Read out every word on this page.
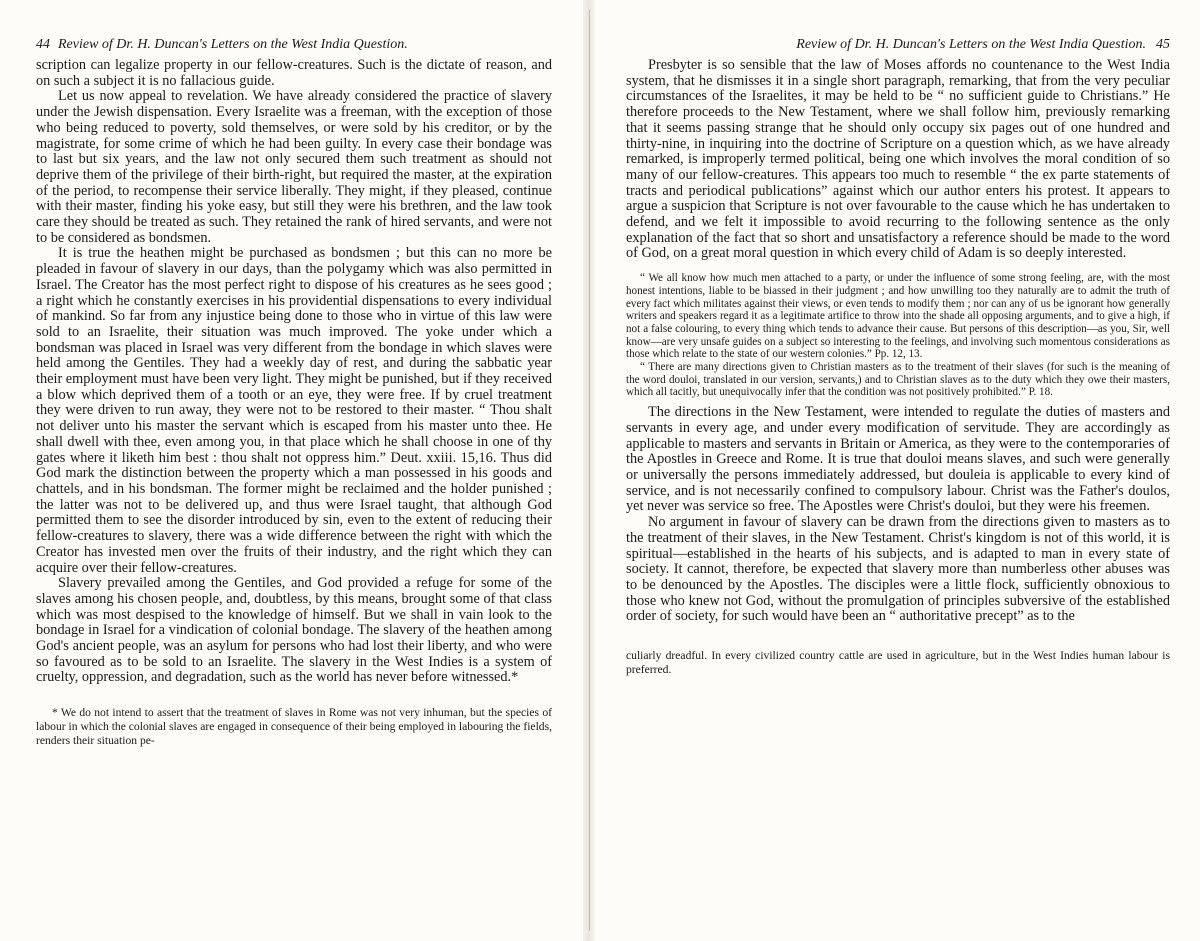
44 Review of Dr. H. Duncan's Letters on the West India Question.

scription can legalize property in our fellow-creatures. Such is the dictate of reason, and on such a subject it is no fallacious guide.

Let us now appeal to revelation. We have already considered the practice of slavery under the Jewish dispensation. Every Israelite was a freeman, with the exception of those who being reduced to poverty, sold themselves, or were sold by his creditor, or by the magistrate, for some crime of which he had been guilty. In every case their bondage was to last but six years, and the law not only secured them such treatment as should not deprive them of the privilege of their birth-right, but required the master, at the expiration of the period, to recompense their service liberally. They might, if they pleased, continue with their master, finding his yoke easy, but still they were his brethren, and the law took care they should be treated as such. They retained the rank of hired servants, and were not to be considered as bondsmen.

It is true the heathen might be purchased as bondsmen ; but this can no more be pleaded in favour of slavery in our days, than the polygamy which was also permitted in Israel. The Creator has the most perfect right to dispose of his creatures as he sees good ; a right which he constantly exercises in his providential dispensations to every individual of mankind. So far from any injustice being done to those who in virtue of this law were sold to an Israelite, their situation was much improved. The yoke under which a bondsman was placed in Israel was very different from the bondage in which slaves were held among the Gentiles. They had a weekly day of rest, and during the sabbatic year their employment must have been very light. They might be punished, but if they received a blow which deprived them of a tooth or an eye, they were free. If by cruel treatment they were driven to run away, they were not to be restored to their master. “ Thou shalt not deliver unto his master the servant which is escaped from his master unto thee. He shall dwell with thee, even among you, in that place which he shall choose in one of thy gates where it liketh him best : thou shalt not oppress him.” Deut. xxiii. 15,16. Thus did God mark the distinction between the property which a man possessed in his goods and chattels, and in his bondsman. The former might be reclaimed and the holder punished ; the latter was not to be delivered up, and thus were Israel taught, that although God permitted them to see the disorder introduced by sin, even to the extent of reducing their fellow-creatures to slavery, there was a wide difference between the right with which the Creator has invested men over the fruits of their industry, and the right which they can acquire over their fellow-creatures.

Slavery prevailed among the Gentiles, and God provided a refuge for some of the slaves among his chosen people, and, doubtless, by this means, brought some of that class which was most despised to the knowledge of himself. But we shall in vain look to the bondage in Israel for a vindication of colonial bondage. The slavery of the heathen among God's ancient people, was an asylum for persons who had lost their liberty, and who were so favoured as to be sold to an Israelite. The slavery in the West Indies is a system of cruelty, oppression, and degradation, such as the world has never before witnessed.*

* We do not intend to assert that the treatment of slaves in Rome was not very inhuman, but the species of labour in which the colonial slaves are engaged in consequence of their being employed in labouring the fields, renders their situation pe-

Review of Dr. H. Duncan's Letters on the West India Question. 45

Presbyter is so sensible that the law of Moses affords no countenance to the West India system, that he dismisses it in a single short paragraph, remarking, that from the very peculiar circumstances of the Israelites, it may be held to be “ no sufficient guide to Christians.” He therefore proceeds to the New Testament, where we shall follow him, previously remarking that it seems passing strange that he should only occupy six pages out of one hundred and thirty-nine, in inquiring into the doctrine of Scripture on a question which, as we have already remarked, is improperly termed political, being one which involves the moral condition of so many of our fellow-creatures. This appears too much to resemble “ the ex parte statements of tracts and periodical publications” against which our author enters his protest. It appears to argue a suspicion that Scripture is not over favourable to the cause which he has undertaken to defend, and we felt it impossible to avoid recurring to the following sentence as the only explanation of the fact that so short and unsatisfactory a reference should be made to the word of God, on a great moral question in which every child of Adam is so deeply interested.

“ We all know how much men attached to a party, or under the influence of some strong feeling, are, with the most honest intentions, liable to be biassed in their judgment ; and how unwilling too they naturally are to admit the truth of every fact which militates against their views, or even tends to modify them ; nor can any of us be ignorant how generally writers and speakers regard it as a legitimate artifice to throw into the shade all opposing arguments, and to give a high, if not a false colouring, to every thing which tends to advance their cause. But persons of this description—as you, Sir, well know—are very unsafe guides on a subject so interesting to the feelings, and involving such momentous considerations as those which relate to the state of our western colonies.” Pp. 12, 13.

“ There are many directions given to Christian masters as to the treatment of their slaves (for such is the meaning of the word douloi, translated in our version, servants,) and to Christian slaves as to the duty which they owe their masters, which all tacitly, but unequivocally infer that the condition was not positively prohibited.” P. 18.

The directions in the New Testament, were intended to regulate the duties of masters and servants in every age, and under every modification of servitude. They are accordingly as applicable to masters and servants in Britain or America, as they were to the contemporaries of the Apostles in Greece and Rome. It is true that douloi means slaves, and such were generally or universally the persons immediately addressed, but douleia is applicable to every kind of service, and is not necessarily confined to compulsory labour. Christ was the Father's doulos, yet never was service so free. The Apostles were Christ's douloi, but they were his freemen.

No argument in favour of slavery can be drawn from the directions given to masters as to the treatment of their slaves, in the New Testament. Christ's kingdom is not of this world, it is spiritual—established in the hearts of his subjects, and is adapted to man in every state of society. It cannot, therefore, be expected that slavery more than numberless other abuses was to be denounced by the Apostles. The disciples were a little flock, sufficiently obnoxious to those who knew not God, without the promulgation of principles subversive of the established order of society, for such would have been an “ authoritative precept” as to the

culiarly dreadful. In every civilized country cattle are used in agriculture, but in the West Indies human labour is preferred.
